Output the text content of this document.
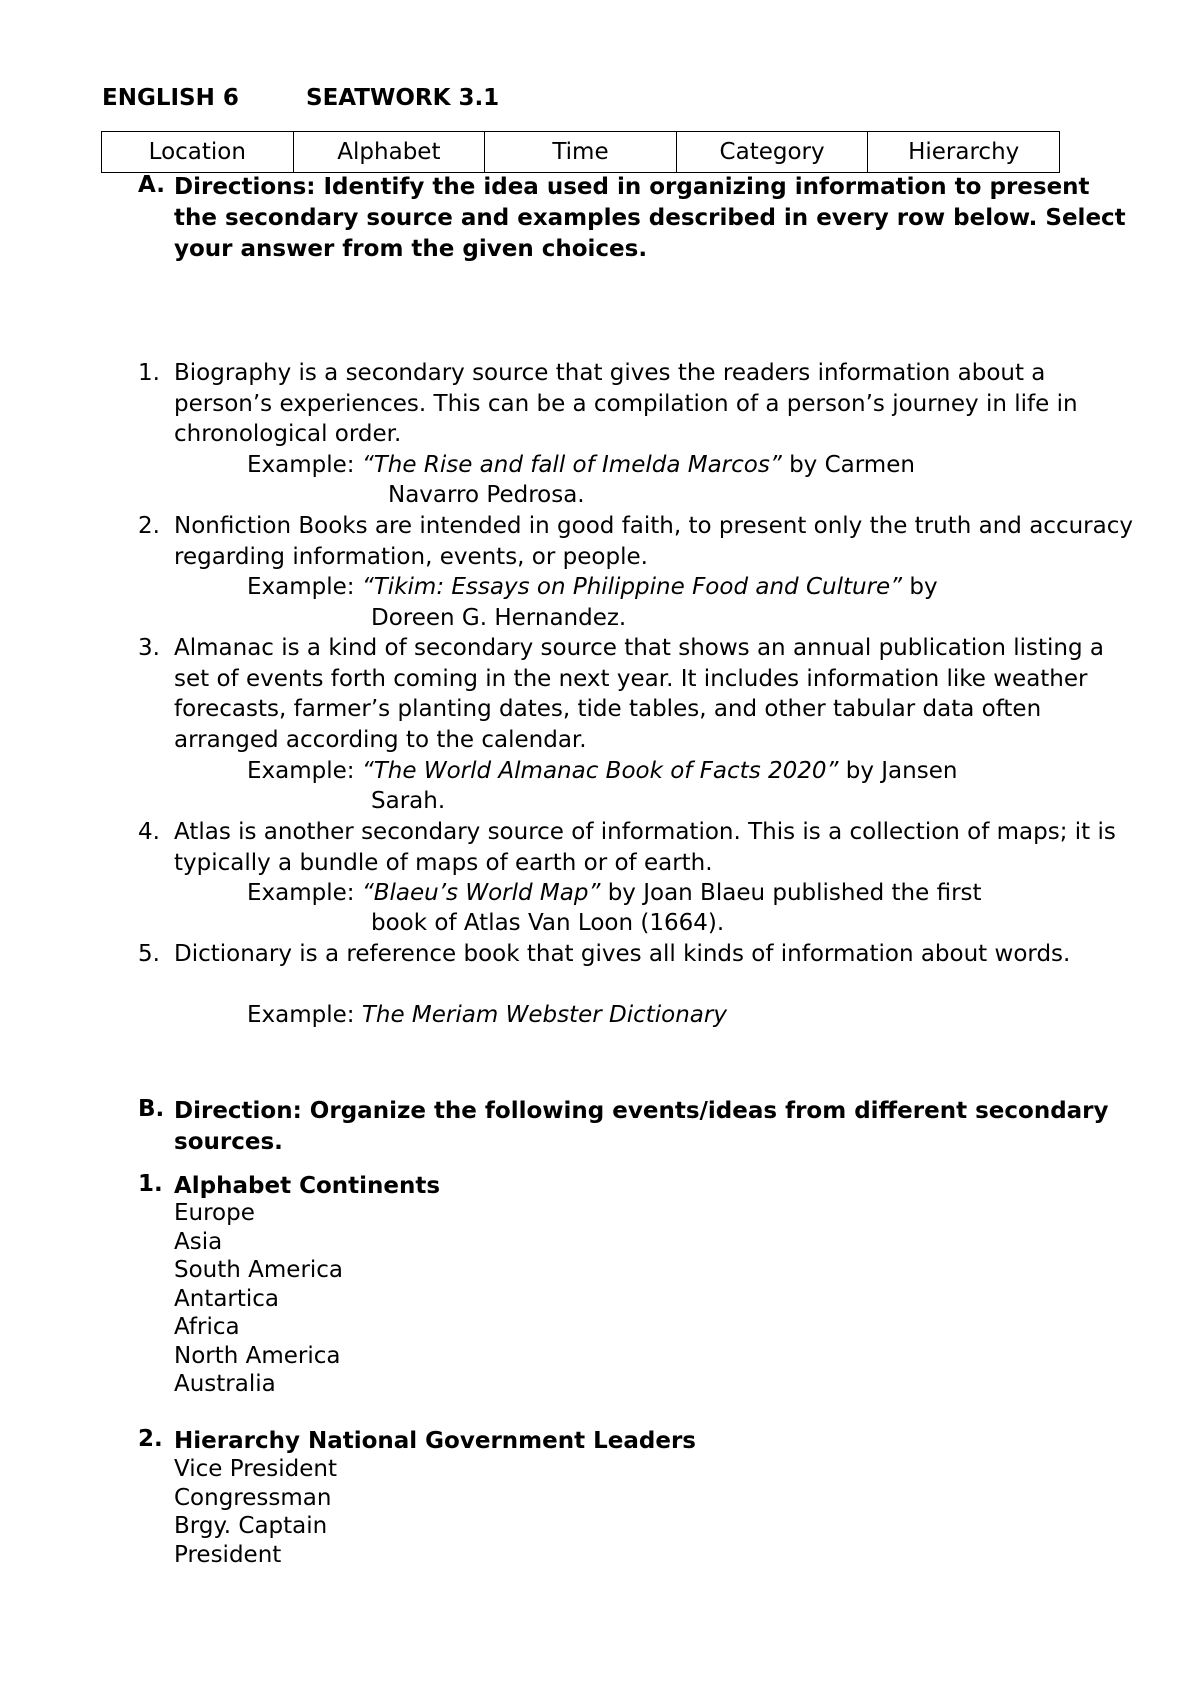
ENGLISH 6	SEATWORK 3.1
Location	Alphabet	Time	Category	Hierarchy
A. Directions: Identify the idea used in organizing information to present the secondary source and examples described in every row below. Select your answer from the given choices.
1. Biography is a secondary source that gives the readers information about a person’s experiences. This can be a compilation of a person’s journey in life in chronological order.
Example: “The Rise and fall of Imelda Marcos” by Carmen
Navarro Pedrosa.
2. Nonfiction Books are intended in good faith, to present only the truth and accuracy regarding information, events, or people.
Example: “Tikim: Essays on Philippine Food and Culture” by
Doreen G. Hernandez.
3. Almanac is a kind of secondary source that shows an annual publication listing a set of events forth coming in the next year. It includes information like weather forecasts, farmer’s planting dates, tide tables, and other tabular data often arranged according to the calendar.
Example: “The World Almanac Book of Facts 2020” by Jansen
Sarah.
4. Atlas is another secondary source of information. This is a collection of maps; it is typically a bundle of maps of earth or of earth.
Example: “Blaeu’s World Map” by Joan Blaeu published the first
book of Atlas Van Loon (1664).
5. Dictionary is a reference book that gives all kinds of information about words.
Example: The Meriam Webster Dictionary
B. Direction: Organize the following events/ideas from different secondary sources.
1. Alphabet Continents
Europe
Asia
South America
Antartica
Africa
North America
Australia
2. Hierarchy National Government Leaders
Vice President
Congressman
Brgy. Captain
President
